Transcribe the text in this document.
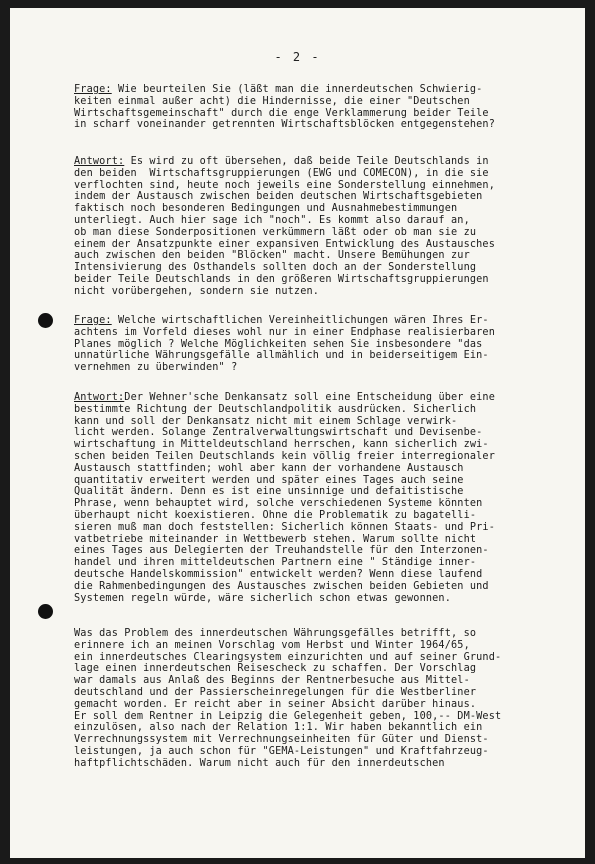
- 2 -
Frage: Wie beurteilen Sie (läßt man die innerdeutschen Schwierig-
keiten einmal außer acht) die Hindernisse, die einer "Deutschen
Wirtschaftsgemeinschaft" durch die enge Verklammerung beider Teile
in scharf voneinander getrennten Wirtschaftsblöcken entgegenstehen?
Antwort: Es wird zu oft übersehen, daß beide Teile Deutschlands in
den beiden  Wirtschaftsgruppierungen (EWG und COMECON), in die sie
verflochten sind, heute noch jeweils eine Sonderstellung einnehmen,
indem der Austausch zwischen beiden deutschen Wirtschaftsgebieten
faktisch noch besonderen Bedingungen und Ausnahmebestimmungen
unterliegt. Auch hier sage ich "noch". Es kommt also darauf an,
ob man diese Sonderpositionen verkümmern läßt oder ob man sie zu
einem der Ansatzpunkte einer expansiven Entwicklung des Austausches
auch zwischen den beiden "Blöcken" macht. Unsere Bemühungen zur
Intensivierung des Osthandels sollten doch an der Sonderstellung
beider Teile Deutschlands in den größeren Wirtschaftsgruppierungen
nicht vorübergehen, sondern sie nutzen.
Frage: Welche wirtschaftlichen Vereinheitlichungen wären Ihres Er-
achtens im Vorfeld dieses wohl nur in einer Endphase realisierbaren
Planes möglich ? Welche Möglichkeiten sehen Sie insbesondere "das
unnatürliche Währungsgefälle allmählich und in beiderseitigem Ein-
vernehmen zu überwinden" ?
Antwort:Der Wehner'sche Denkansatz soll eine Entscheidung über eine
bestimmte Richtung der Deutschlandpolitik ausdrücken. Sicherlich
kann und soll der Denkansatz nicht mit einem Schlage verwirk-
licht werden. Solange Zentralverwaltungswirtschaft und Devisenbe-
wirtschaftung in Mitteldeutschland herrschen, kann sicherlich zwi-
schen beiden Teilen Deutschlands kein völlig freier interregionaler
Austausch stattfinden; wohl aber kann der vorhandene Austausch
quantitativ erweitert werden und später eines Tages auch seine
Qualität ändern. Denn es ist eine unsinnige und defaitistische
Phrase, wenn behauptet wird, solche verschiedenen Systeme könnten
überhaupt nicht koexistieren. Ohne die Problematik zu bagatelli-
sieren muß man doch feststellen: Sicherlich können Staats- und Pri-
vatbetriebe miteinander in Wettbewerb stehen. Warum sollte nicht
eines Tages aus Delegierten der Treuhandstelle für den Interzonen-
handel und ihren mitteldeutschen Partnern eine " Ständige inner-
deutsche Handelskommission" entwickelt werden? Wenn diese laufend
die Rahmenbedingungen des Austausches zwischen beiden Gebieten und
Systemen regeln würde, wäre sicherlich schon etwas gewonnen.
Was das Problem des innerdeutschen Währungsgefälles betrifft, so
erinnere ich an meinen Vorschlag vom Herbst und Winter 1964/65,
ein innerdeutsches Clearingsystem einzurichten und auf seiner Grund-
lage einen innerdeutschen Reisescheck zu schaffen. Der Vorschlag
war damals aus Anlaß des Beginns der Rentnerbesuche aus Mittel-
deutschland und der Passierscheinregelungen für die Westberliner
gemacht worden. Er reicht aber in seiner Absicht darüber hinaus.
Er soll dem Rentner in Leipzig die Gelegenheit geben, 100,-- DM-West
einzulösen, also nach der Relation 1:1. Wir haben bekanntlich ein
Verrechnungssystem mit Verrechnungseinheiten für Güter und Dienst-
leistungen, ja auch schon für "GEMA-Leistungen" und Kraftfahrzeug-
haftpflichtschäden. Warum nicht auch für den innerdeutschen
